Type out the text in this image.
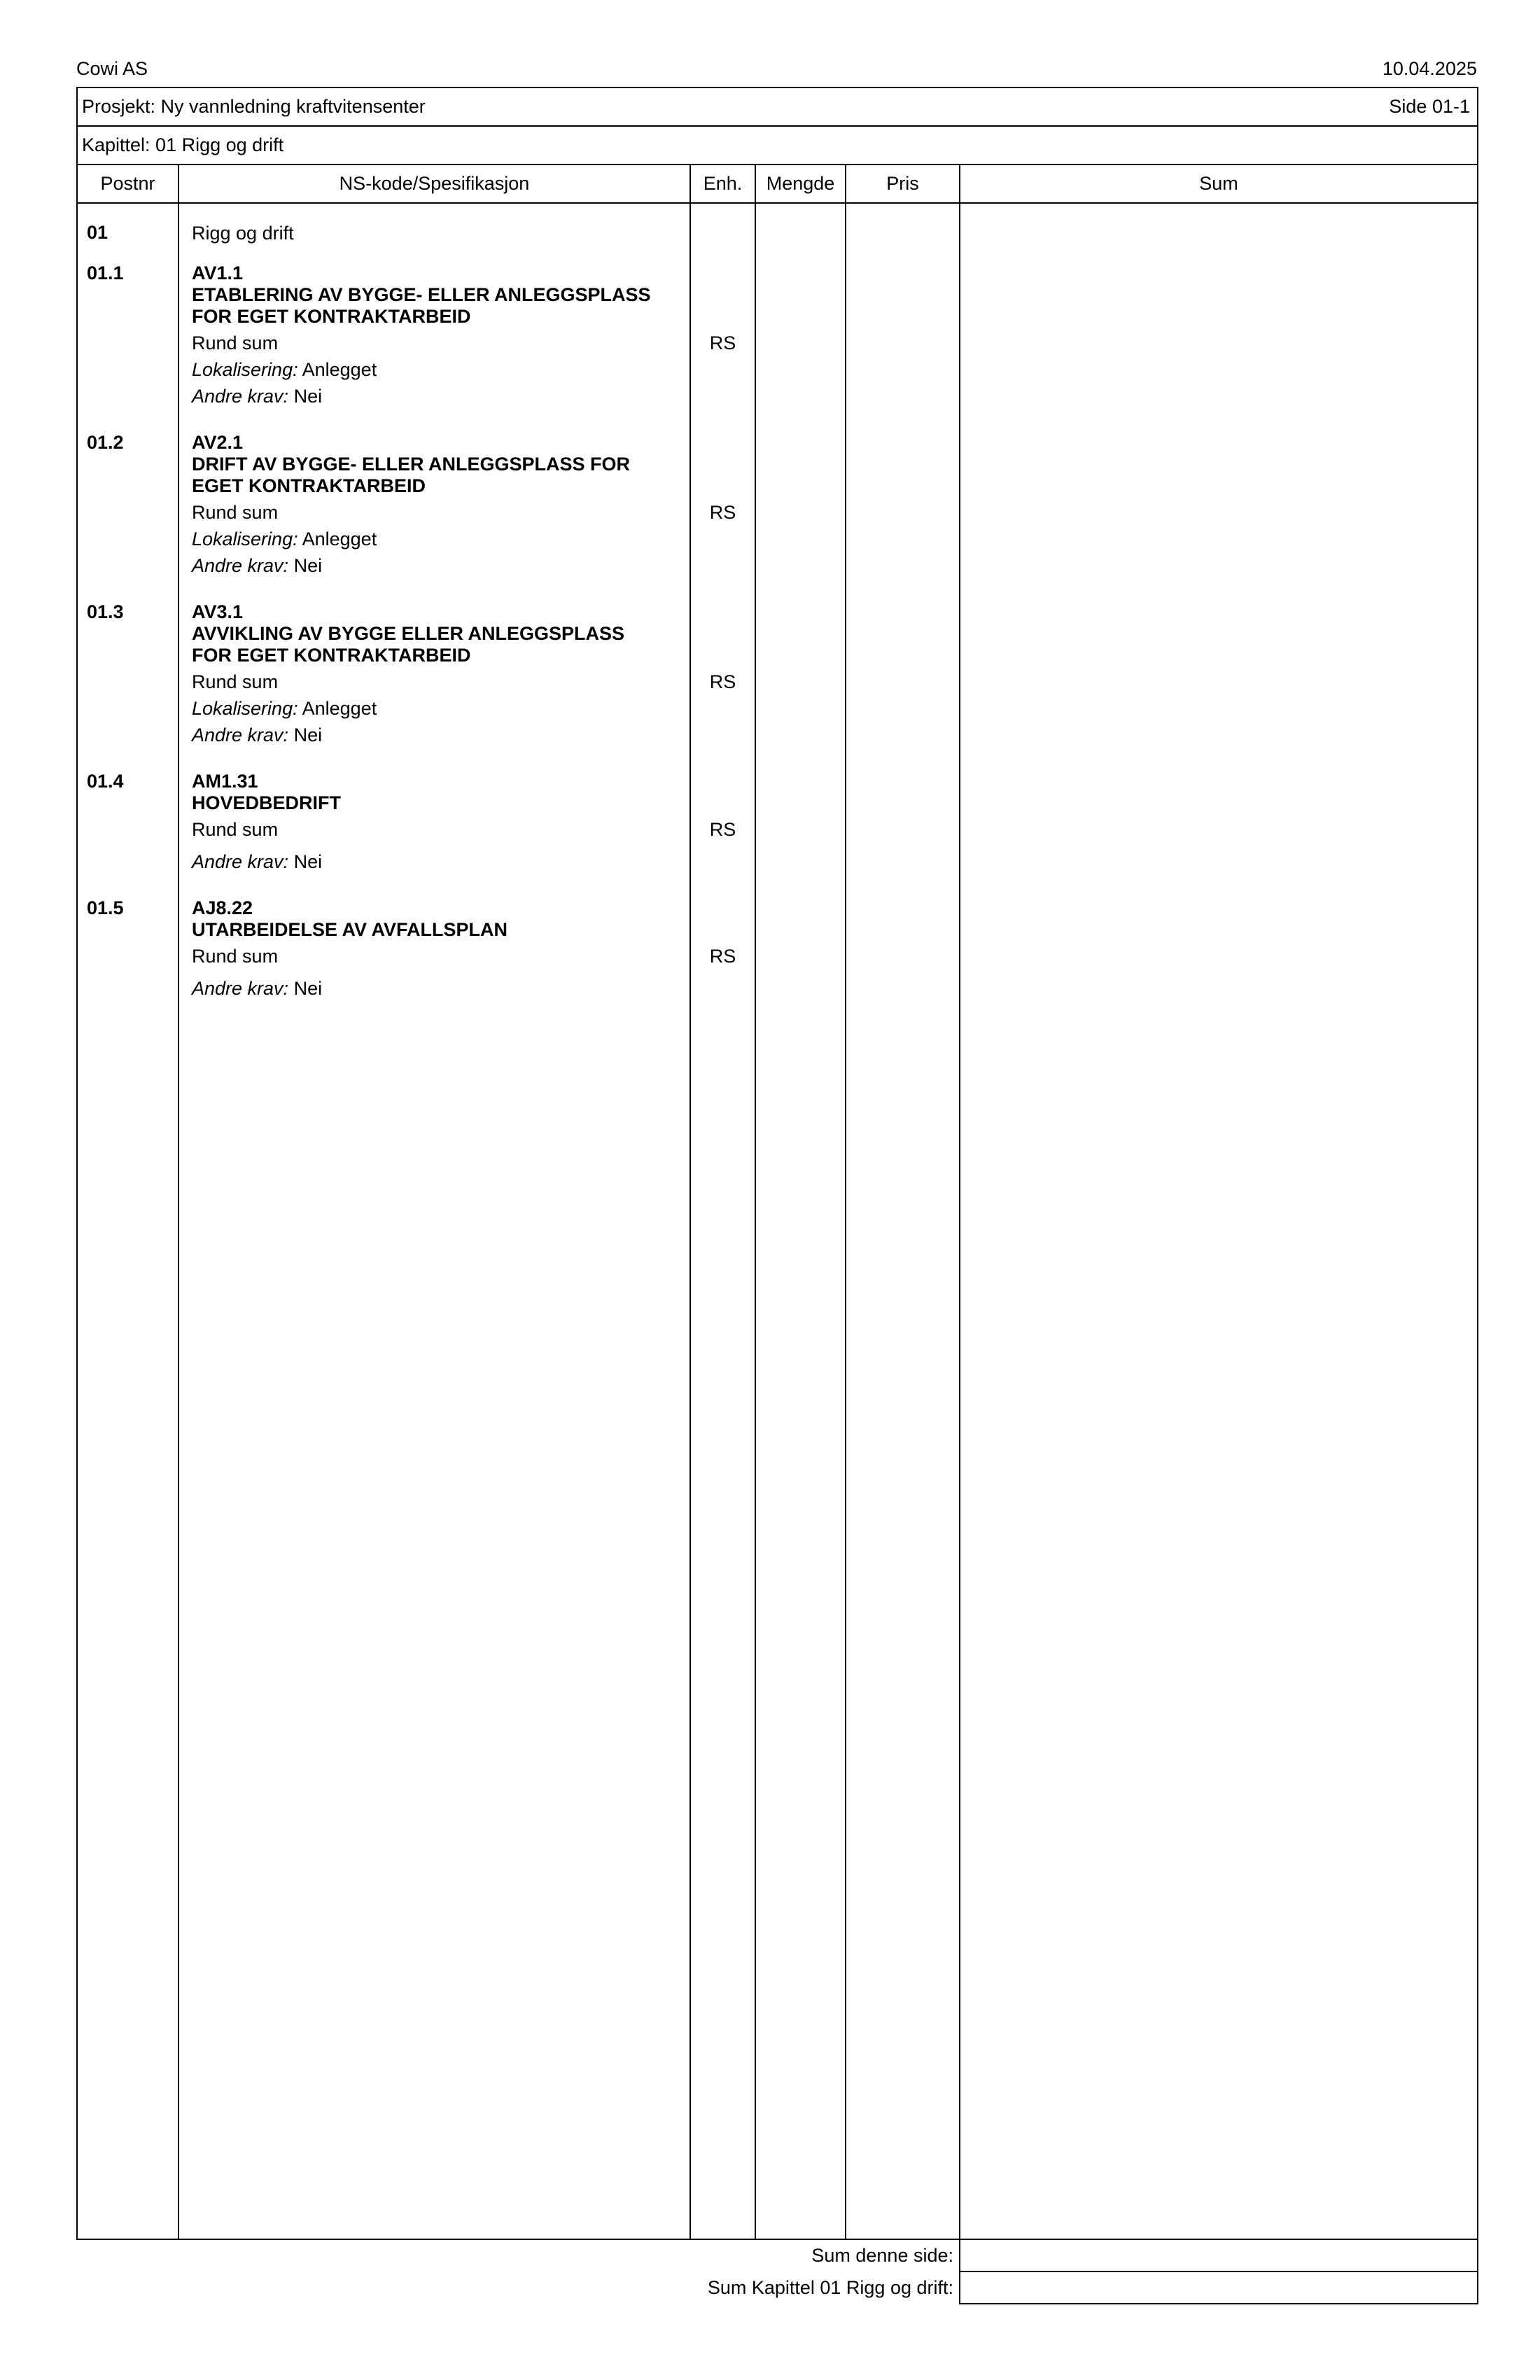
Cowi AS	10.04.2025
Prosjekt: Ny vannledning kraftvitensenter	Side 01-1
Kapittel: 01 Rigg og drift
Postnr	NS-kode/Spesifikasjon	Enh.	Mengde	Pris	Sum
01	Rigg og drift
01.1	AV1.1
ETABLERING AV BYGGE- ELLER ANLEGGSPLASS
FOR EGET KONTRAKTARBEID
Rund sum	RS
Lokalisering: Anlegget
Andre krav: Nei
01.2	AV2.1
DRIFT AV BYGGE- ELLER ANLEGGSPLASS FOR
EGET KONTRAKTARBEID
Rund sum	RS
Lokalisering: Anlegget
Andre krav: Nei
01.3	AV3.1
AVVIKLING AV BYGGE ELLER ANLEGGSPLASS
FOR EGET KONTRAKTARBEID
Rund sum	RS
Lokalisering: Anlegget
Andre krav: Nei
01.4	AM1.31
HOVEDBEDRIFT
Rund sum	RS
Andre krav: Nei
01.5	AJ8.22
UTARBEIDELSE AV AVFALLSPLAN
Rund sum	RS
Andre krav: Nei
Sum denne side:
Sum Kapittel 01 Rigg og drift:
